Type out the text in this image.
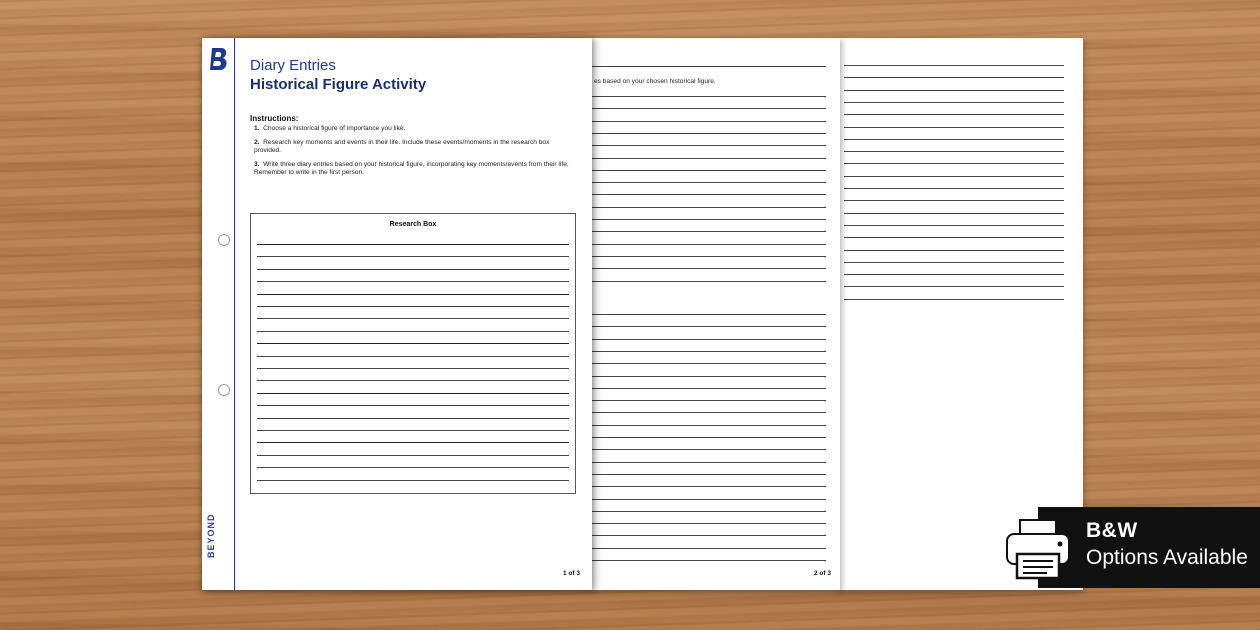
es based on your chosen historical figure.
2 of 3
BEYOND
Diary Entries
Historical Figure Activity
Instructions:
1. Choose a historical figure of importance you like.
2. Research key moments and events in their life. Include these events/moments in the research box provided.
3. Write three diary entries based on your historical figure, incorporating key moments/events from their life. Remember to write in the first person.
Research Box
1 of 3
B&W
Options Available
